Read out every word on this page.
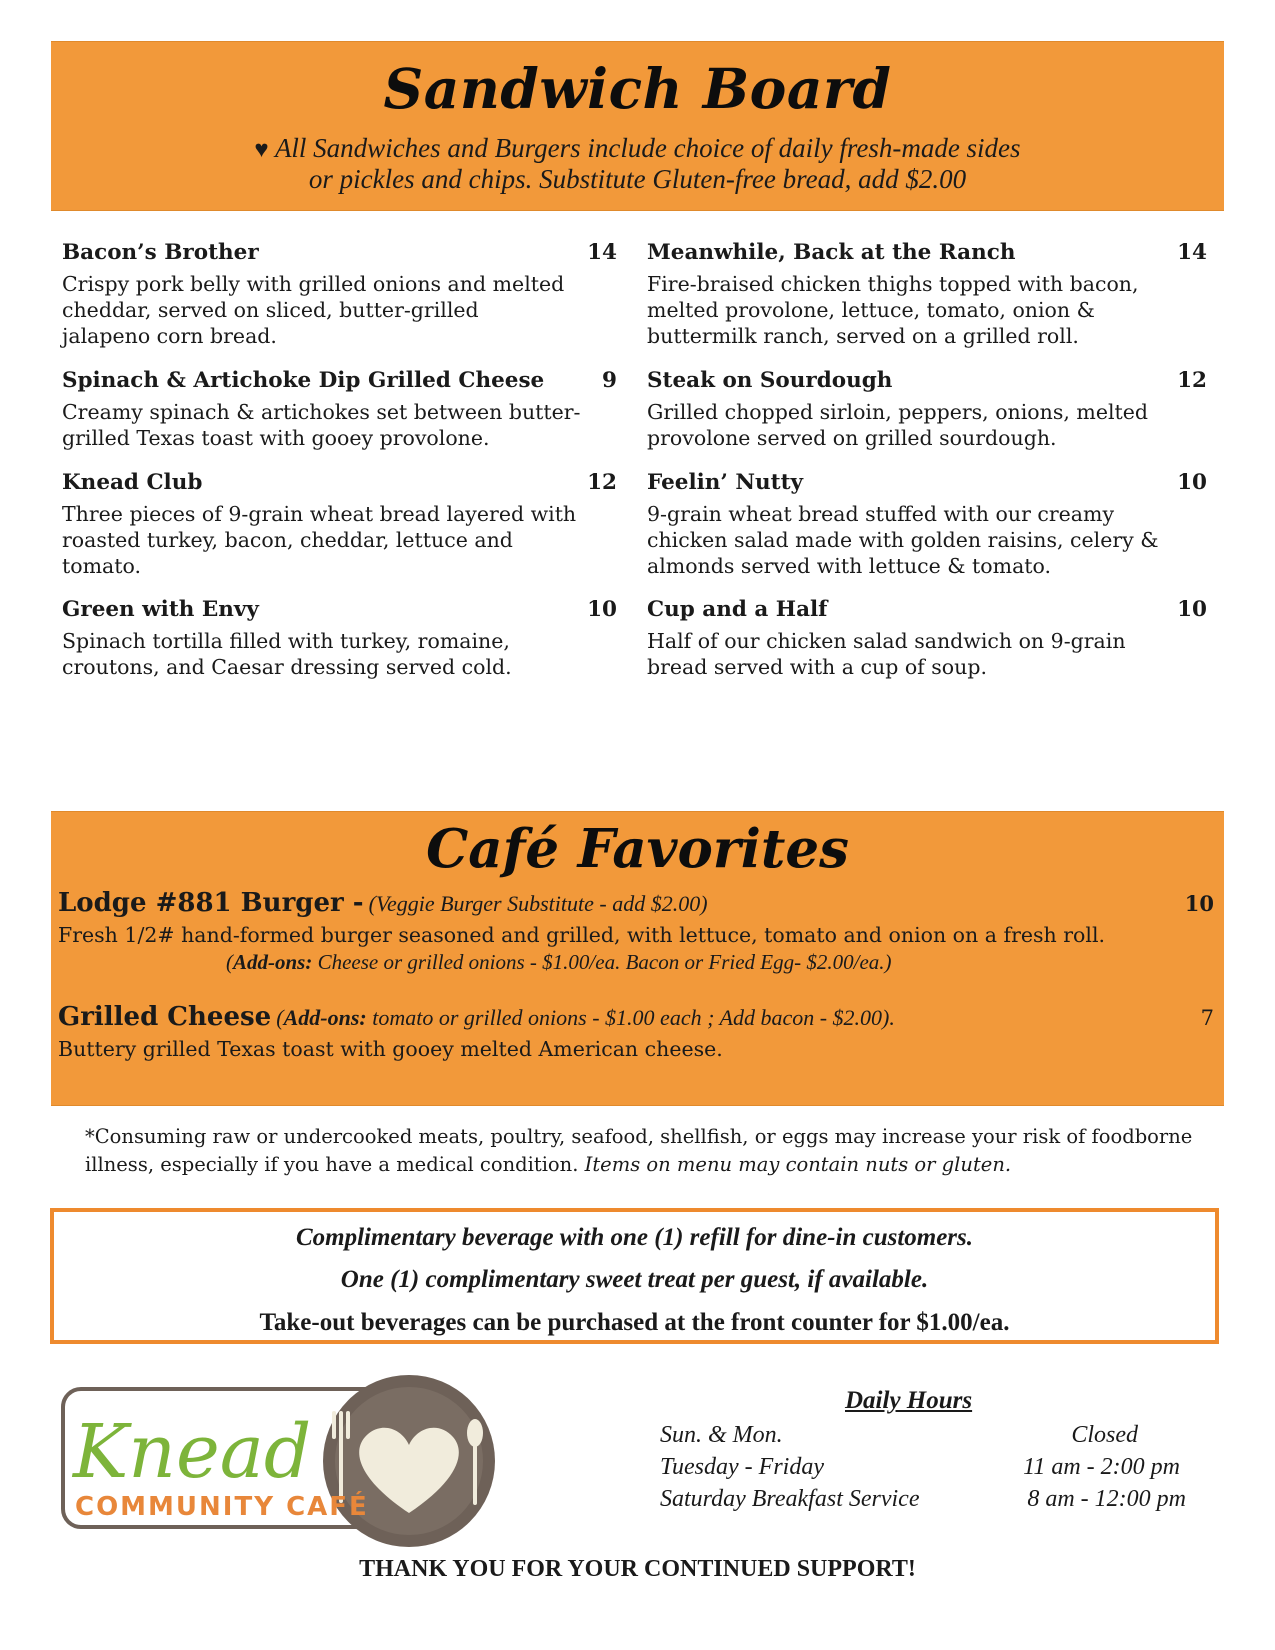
Sandwich Board
♥ All Sandwiches and Burgers include choice of daily fresh-made sides
or pickles and chips. Substitute Gluten-free bread, add $2.00
Bacon’s Brother	14
Crispy pork belly with grilled onions and melted cheddar, served on sliced, butter-grilled jalapeno corn bread.
Spinach & Artichoke Dip Grilled Cheese	9
Creamy spinach & artichokes set between butter-grilled Texas toast with gooey provolone.
Knead Club	12
Three pieces of 9-grain wheat bread layered with roasted turkey, bacon, cheddar, lettuce and tomato.
Green with Envy	10
Spinach tortilla filled with turkey, romaine, croutons, and Caesar dressing served cold.
Meanwhile, Back at the Ranch	14
Fire-braised chicken thighs topped with bacon, melted provolone, lettuce, tomato, onion & buttermilk ranch, served on a grilled roll.
Steak on Sourdough	12
Grilled chopped sirloin, peppers, onions, melted provolone served on grilled sourdough.
Feelin’ Nutty	10
9-grain wheat bread stuffed with our creamy chicken salad made with golden raisins, celery & almonds served with lettuce & tomato.
Cup and a Half	10
Half of our chicken salad sandwich on 9-grain bread served with a cup of soup.
Café Favorites
Lodge #881 Burger - (Veggie Burger Substitute - add $2.00)	10
Fresh 1/2# hand-formed burger seasoned and grilled, with lettuce, tomato and onion on a fresh roll.
(Add-ons: Cheese or grilled onions - $1.00/ea. Bacon or Fried Egg- $2.00/ea.)
Grilled Cheese (Add-ons: tomato or grilled onions - $1.00 each ; Add bacon - $2.00).	7
Buttery grilled Texas toast with gooey melted American cheese.
*Consuming raw or undercooked meats, poultry, seafood, shellfish, or eggs may increase your risk of foodborne illness, especially if you have a medical condition. Items on menu may contain nuts or gluten.
Complimentary beverage with one (1) refill for dine-in customers.
One (1) complimentary sweet treat per guest, if available.
Take-out beverages can be purchased at the front counter for $1.00/ea.
Knead
COMMUNITY CAFÉ
Daily Hours
Sun. & Mon.	Closed
Tuesday - Friday	11 am - 2:00 pm
Saturday Breakfast Service	8 am - 12:00 pm
THANK YOU FOR YOUR CONTINUED SUPPORT!
